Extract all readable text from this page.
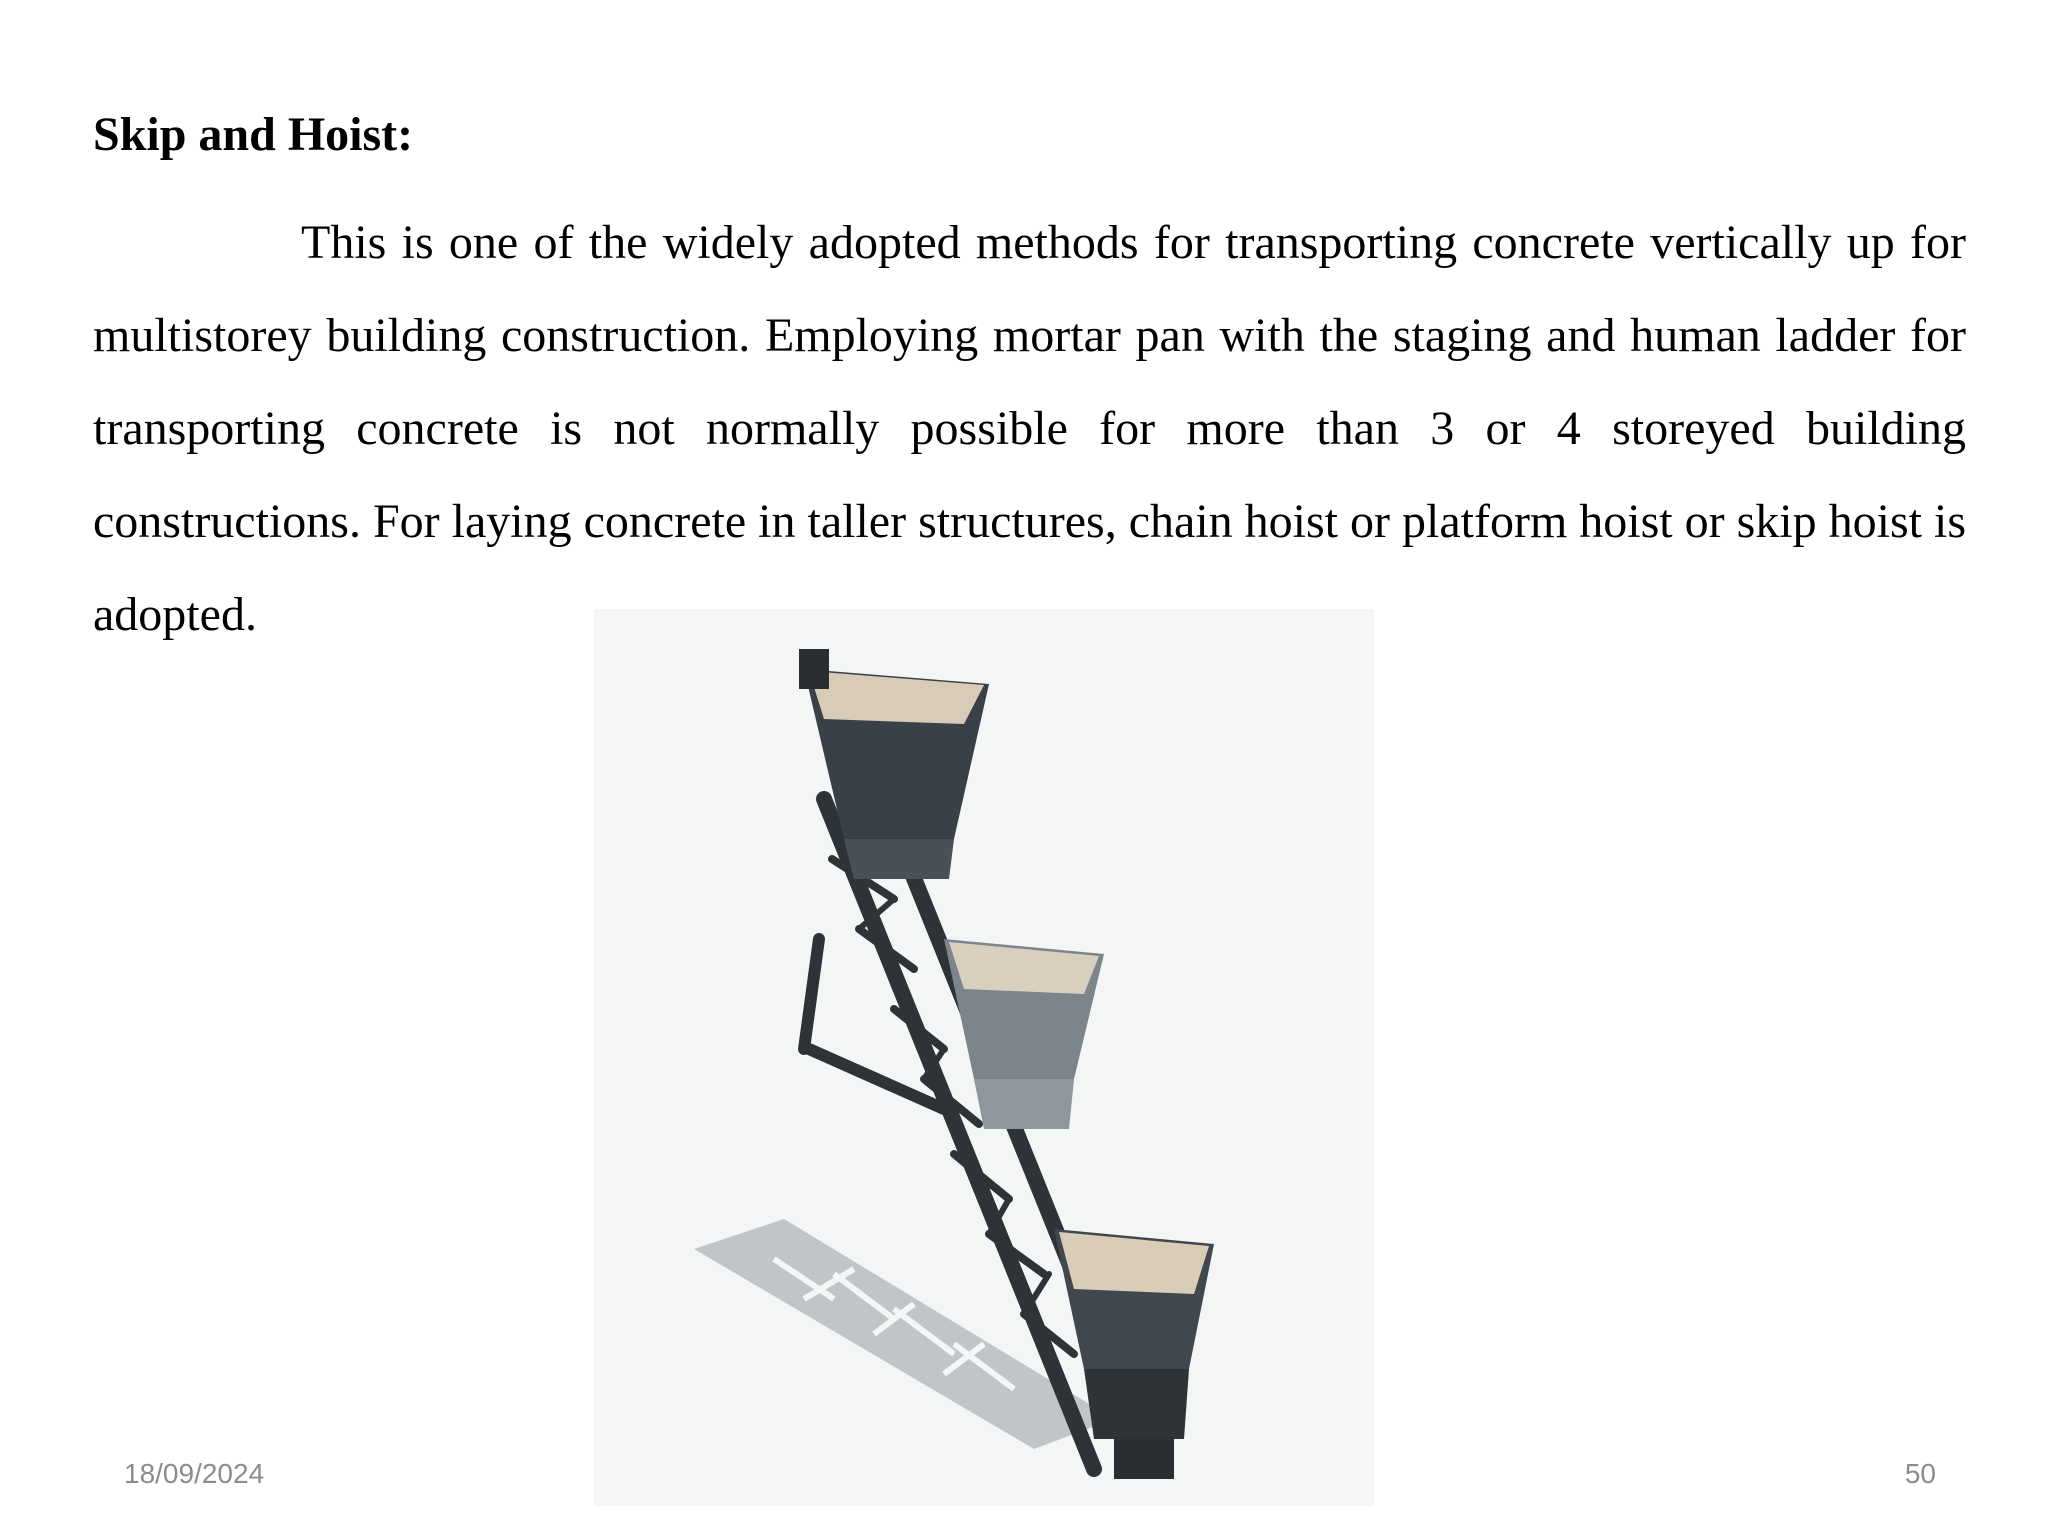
Skip and Hoist:

This is one of the widely adopted methods for transporting concrete vertically up for multistorey building construction. Employing mortar pan with the staging and human ladder for transporting concrete is not normally possible for more than 3 or 4 storeyed building constructions. For laying concrete in taller structures, chain hoist or platform hoist or skip hoist is adopted.

18/09/2024	50
